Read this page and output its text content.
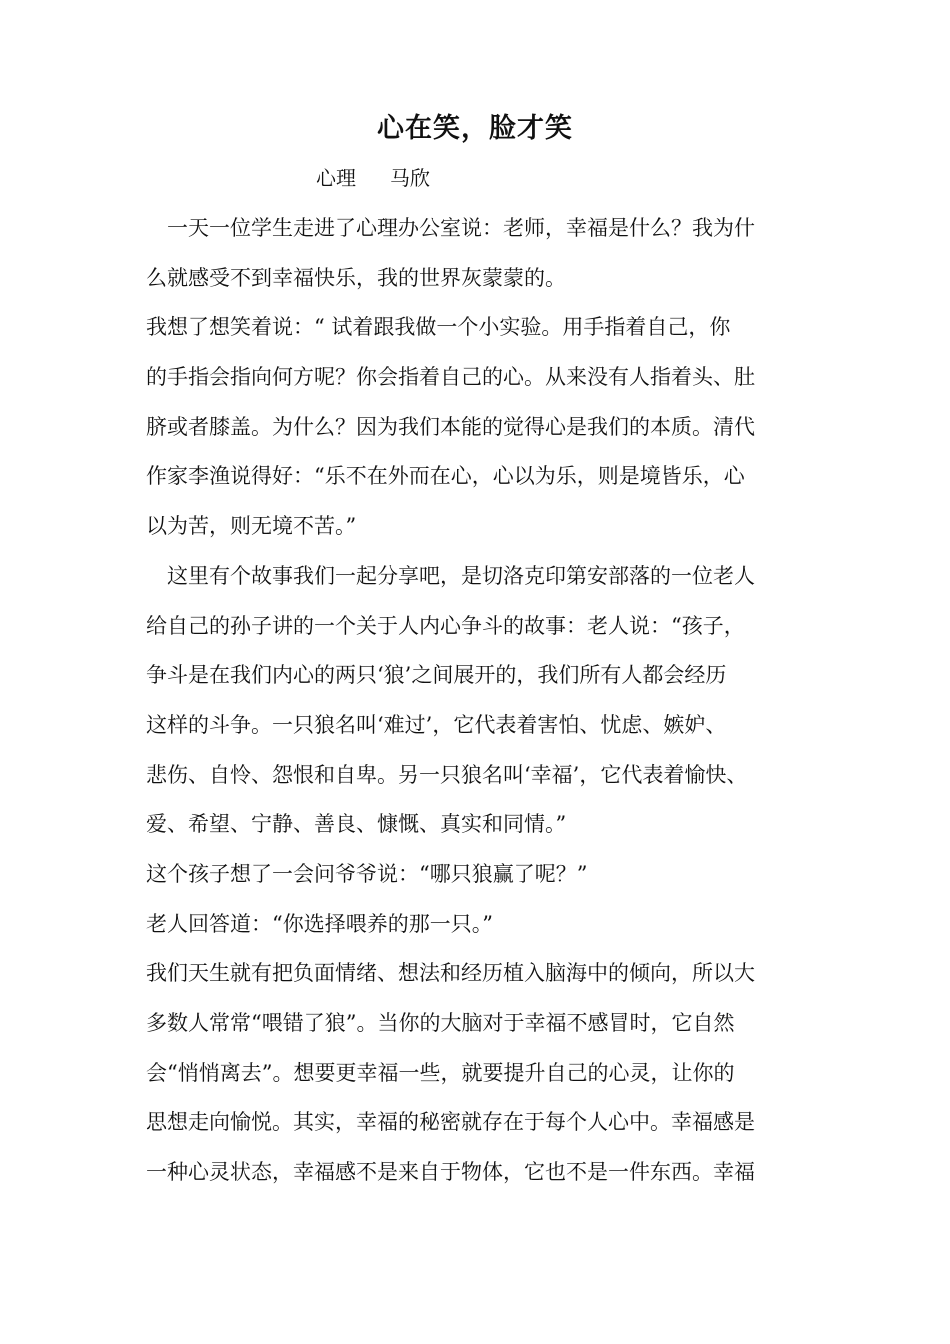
心在笑，脸才笑
心理 马欣
　一天一位学生走进了心理办公室说：老师，幸福是什么？我为什
么就感受不到幸福快乐，我的世界灰蒙蒙的。
我想了想笑着说：“ 试着跟我做一个小实验。用手指着自己，你
的手指会指向何方呢？你会指着自己的心。从来没有人指着头、肚
脐或者膝盖。为什么？因为我们本能的觉得心是我们的本质。清代
作家李渔说得好：“乐不在外而在心，心以为乐，则是境皆乐，心
以为苦，则无境不苦。”
　这里有个故事我们一起分享吧，是切洛克印第安部落的一位老人
给自己的孙子讲的一个关于人内心争斗的故事：老人说：“孩子，
争斗是在我们内心的两只‘狼’之间展开的，我们所有人都会经历
这样的斗争。一只狼名叫‘难过’，它代表着害怕、忧虑、嫉妒、
悲伤、自怜、怨恨和自卑。另一只狼名叫‘幸福’，它代表着愉快、
爱、希望、宁静、善良、慷慨、真实和同情。”
这个孩子想了一会问爷爷说：“哪只狼赢了呢？”
老人回答道：“你选择喂养的那一只。”
我们天生就有把负面情绪、想法和经历植入脑海中的倾向，所以大
多数人常常“喂错了狼”。当你的大脑对于幸福不感冒时，它自然
会“悄悄离去”。想要更幸福一些，就要提升自己的心灵，让你的
思想走向愉悦。其实，幸福的秘密就存在于每个人心中。幸福感是
一种心灵状态，幸福感不是来自于物体，它也不是一件东西。幸福
